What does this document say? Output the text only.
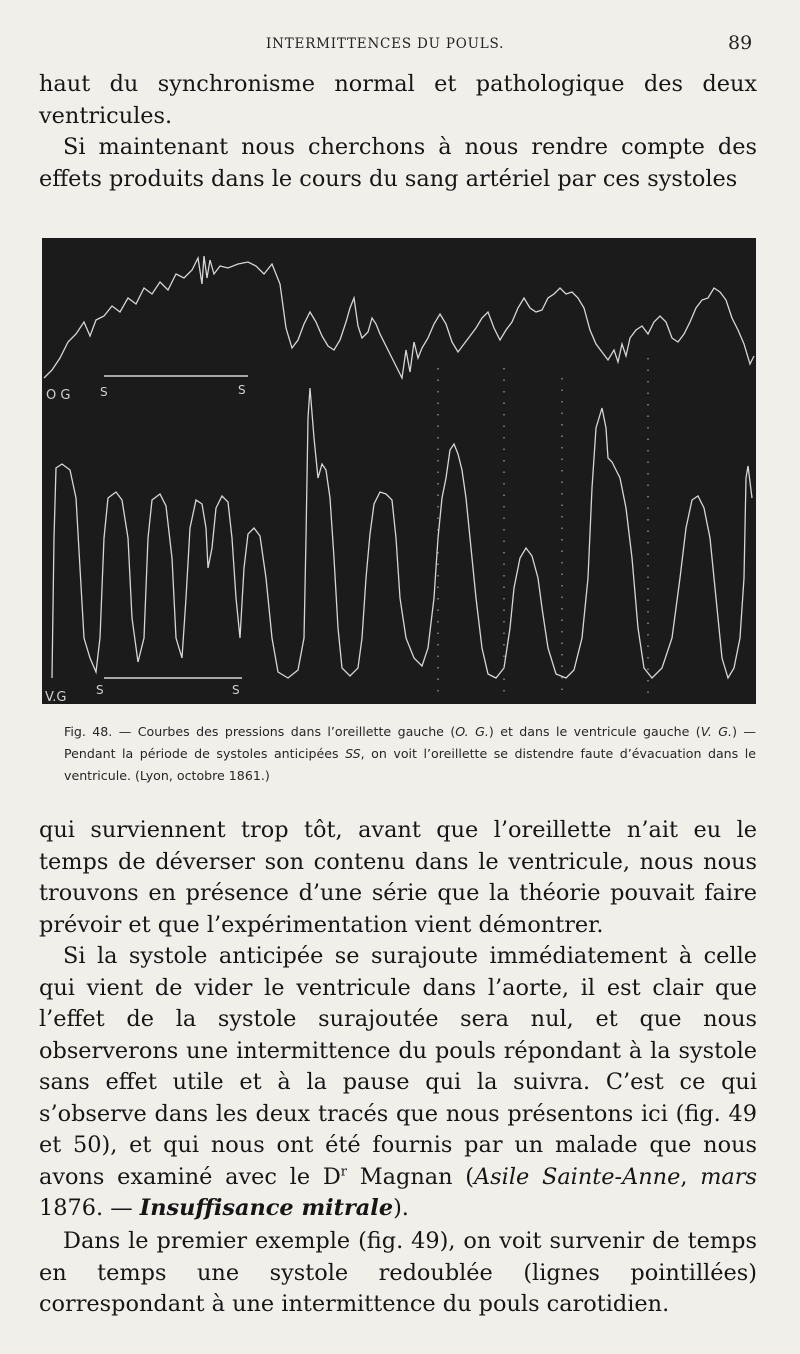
INTERMITTENCES DU POULS.	89

haut du synchronisme normal et pathologique des deux ventricules.

Si maintenant nous cherchons à nous rendre compte des effets produits dans le cours du sang artériel par ces systoles

O G
V.G
S	S
S	S

Fig. 48. — Courbes des pressions dans l’oreillette gauche (O. G.) et dans le ventricule gauche (V. G.) — Pendant la période de systoles anticipées SS, on voit l’oreillette se distendre faute d’évacuation dans le ventricule. (Lyon, octobre 1861.)

qui surviennent trop tôt, avant que l’oreillette n’ait eu le temps de déverser son contenu dans le ventricule, nous nous trouvons en présence d’une série que la théorie pouvait faire prévoir et que l’expérimentation vient démontrer.

Si la systole anticipée se surajoute immédiatement à celle qui vient de vider le ventricule dans l’aorte, il est clair que l’effet de la systole surajoutée sera nul, et que nous observerons une intermittence du pouls répondant à la systole sans effet utile et à la pause qui la suivra. C’est ce qui s’observe dans les deux tracés que nous présentons ici (fig. 49 et 50), et qui nous ont été fournis par un malade que nous avons examiné avec le $D^r$ Magnan (Asile Sainte-Anne, mars 1876. — Insuffisance mitrale).

Dans le premier exemple (fig. 49), on voit survenir de temps en temps une systole redoublée (lignes pointillées) correspondant à une intermittence du pouls carotidien.
